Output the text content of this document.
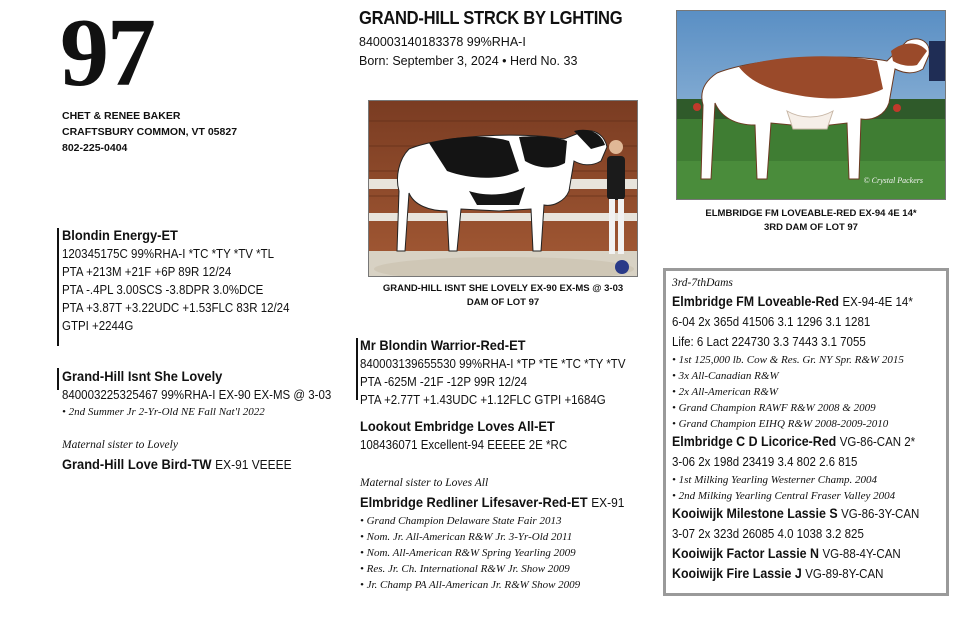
97
CHET & RENEE BAKER
CRAFTSBURY COMMON, VT 05827
802-225-0404
GRAND-HILL STRCK BY LGHTING
840003140183378 99%RHA-I
Born: September 3, 2024 • Herd No. 33
GRAND-HILL ISNT SHE LOVELY EX-90 EX-MS @ 3-03
DAM OF LOT 97
© Crystal Packers
ELMBRIDGE FM LOVEABLE-RED EX-94 4E 14*
3RD DAM OF LOT 97
Blondin Energy-ET
120345175C 99%RHA-I *TC *TY *TV *TL
PTA +213M +21F +6P 89R 12/24
PTA -.4PL 3.00SCS -3.8DPR 3.0%DCE
PTA +3.87T +3.22UDC +1.53FLC 83R 12/24
GTPI +2244G
Grand-Hill Isnt She Lovely
840003225325467 99%RHA-I EX-90 EX-MS @ 3-03
• 2nd Summer Jr 2-Yr-Old NE Fall Nat'l 2022
Maternal sister to Lovely
Grand-Hill Love Bird-TW EX-91 VEEEE
Mr Blondin Warrior-Red-ET
840003139655530 99%RHA-I *TP *TE *TC *TY *TV
PTA -625M -21F -12P 99R 12/24
PTA +2.77T +1.43UDC +1.12FLC GTPI +1684G
Lookout Embridge Loves All-ET
108436071 Excellent-94 EEEEE 2E *RC
Maternal sister to Loves All
Elmbridge Redliner Lifesaver-Red-ET EX-91
• Grand Champion Delaware State Fair 2013
• Nom. Jr. All-American R&W Jr. 3-Yr-Old 2011
• Nom. All-American R&W Spring Yearling 2009
• Res. Jr. Ch. International R&W Jr. Show 2009
• Jr. Champ PA All-American Jr. R&W Show 2009
3rd-7thDams
Elmbridge FM Loveable-Red EX-94-4E 14*
6-04 2x 365d 41506 3.1 1296 3.1 1281
Life: 6 Lact 224730 3.3 7443 3.1 7055
• 1st 125,000 lb. Cow & Res. Gr. NY Spr. R&W 2015
• 3x All-Canadian R&W
• 2x All-American R&W
• Grand Champion RAWF R&W 2008 & 2009
• Grand Champion EIHQ R&W 2008-2009-2010
Elmbridge C D Licorice-Red VG-86-CAN 2*
3-06 2x 198d 23419 3.4 802 2.6 815
• 1st Milking Yearling Westerner Champ. 2004
• 2nd Milking Yearling Central Fraser Valley 2004
Kooiwijk Milestone Lassie S VG-86-3Y-CAN
3-07 2x 323d 26085 4.0 1038 3.2 825
Kooiwijk Factor Lassie N VG-88-4Y-CAN
Kooiwijk Fire Lassie J VG-89-8Y-CAN
